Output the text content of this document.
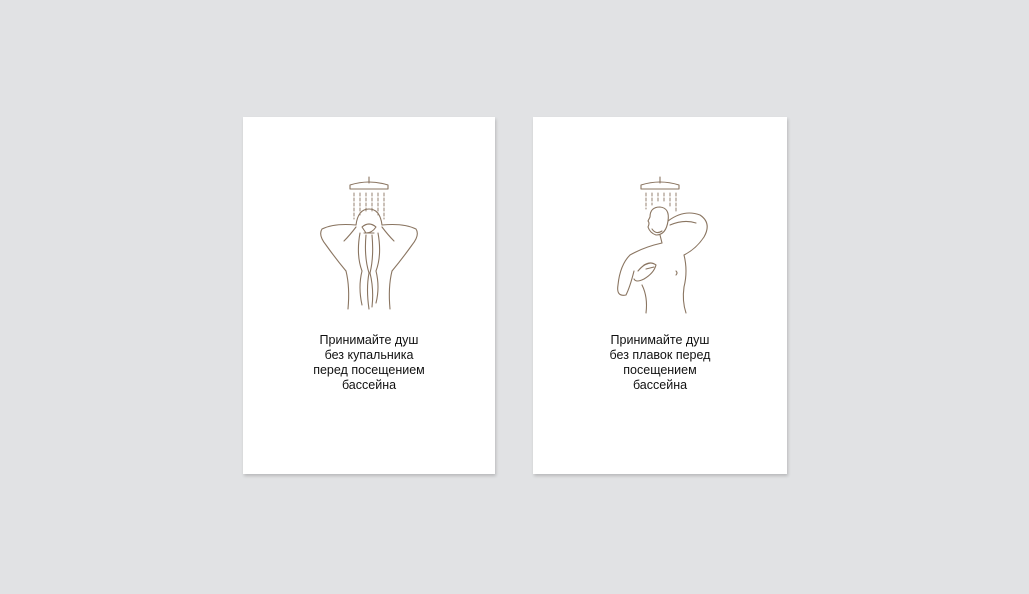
Принимайте душ
без купальника
перед посещением
бассейна
Принимайте душ
без плавок перед
посещением
бассейна
